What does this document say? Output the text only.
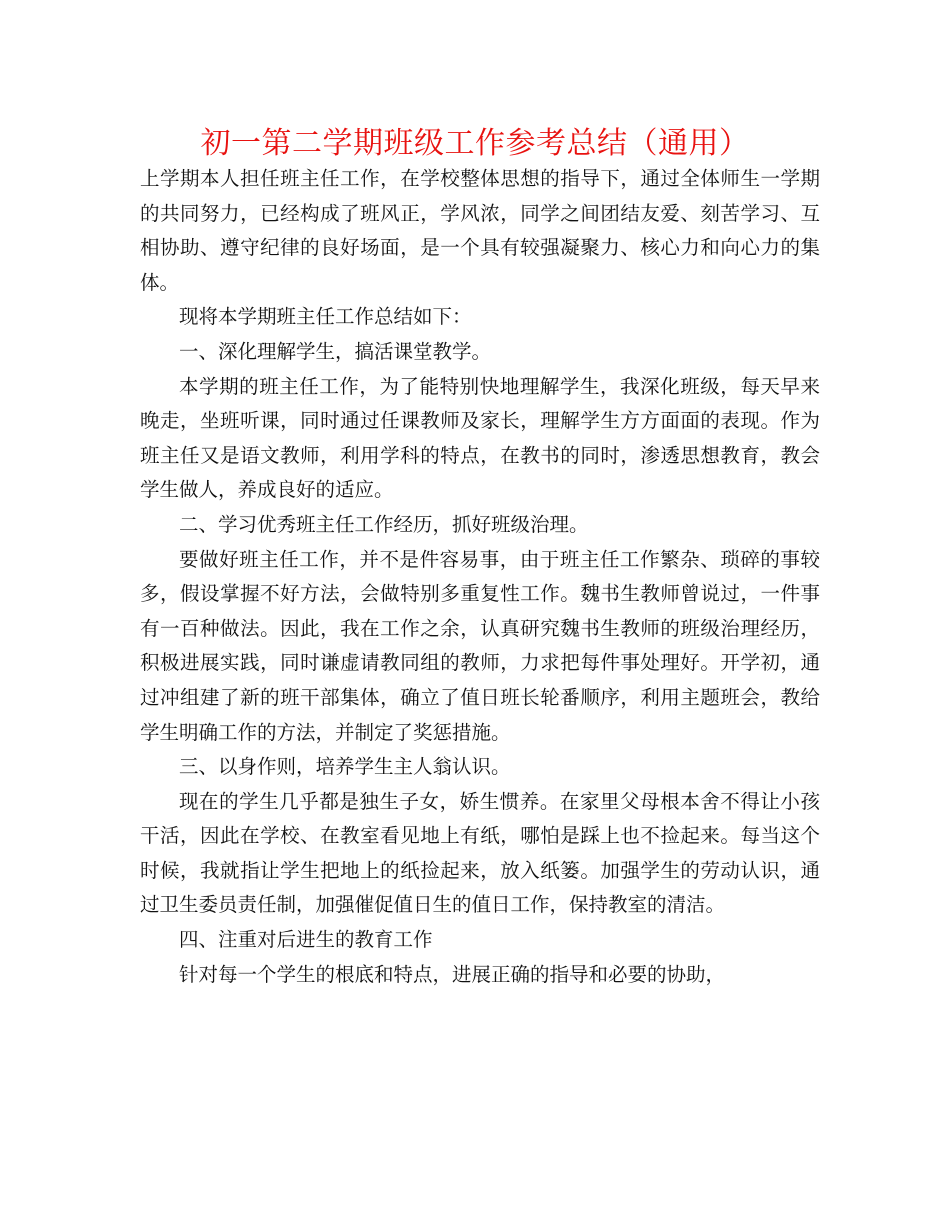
初一第二学期班级工作参考总结（通用）

上学期本人担任班主任工作，在学校整体思想的指导下，通过全体师生一学期的共同努力，已经构成了班风正，学风浓，同学之间团结友爱、刻苦学习、互相协助、遵守纪律的良好场面，是一个具有较强凝聚力、核心力和向心力的集体。

现将本学期班主任工作总结如下：

一、深化理解学生，搞活课堂教学。

本学期的班主任工作，为了能特别快地理解学生，我深化班级，每天早来晚走，坐班听课，同时通过任课教师及家长，理解学生方方面面的表现。作为班主任又是语文教师，利用学科的特点，在教书的同时，渗透思想教育，教会学生做人，养成良好的适应。

二、学习优秀班主任工作经历，抓好班级治理。

要做好班主任工作，并不是件容易事，由于班主任工作繁杂、琐碎的事较多，假设掌握不好方法，会做特别多重复性工作。魏书生教师曾说过，一件事有一百种做法。因此，我在工作之余，认真研究魏书生教师的班级治理经历，积极进展实践，同时谦虚请教同组的教师，力求把每件事处理好。开学初，通过冲组建了新的班干部集体，确立了值日班长轮番顺序，利用主题班会，教给学生明确工作的方法，并制定了奖惩措施。

三、以身作则，培养学生主人翁认识。

现在的学生几乎都是独生子女，娇生惯养。在家里父母根本舍不得让小孩干活，因此在学校、在教室看见地上有纸，哪怕是踩上也不捡起来。每当这个时候，我就指让学生把地上的纸捡起来，放入纸篓。加强学生的劳动认识，通过卫生委员责任制，加强催促值日生的值日工作，保持教室的清洁。

四、注重对后进生的教育工作

针对每一个学生的根底和特点，进展正确的指导和必要的协助，
